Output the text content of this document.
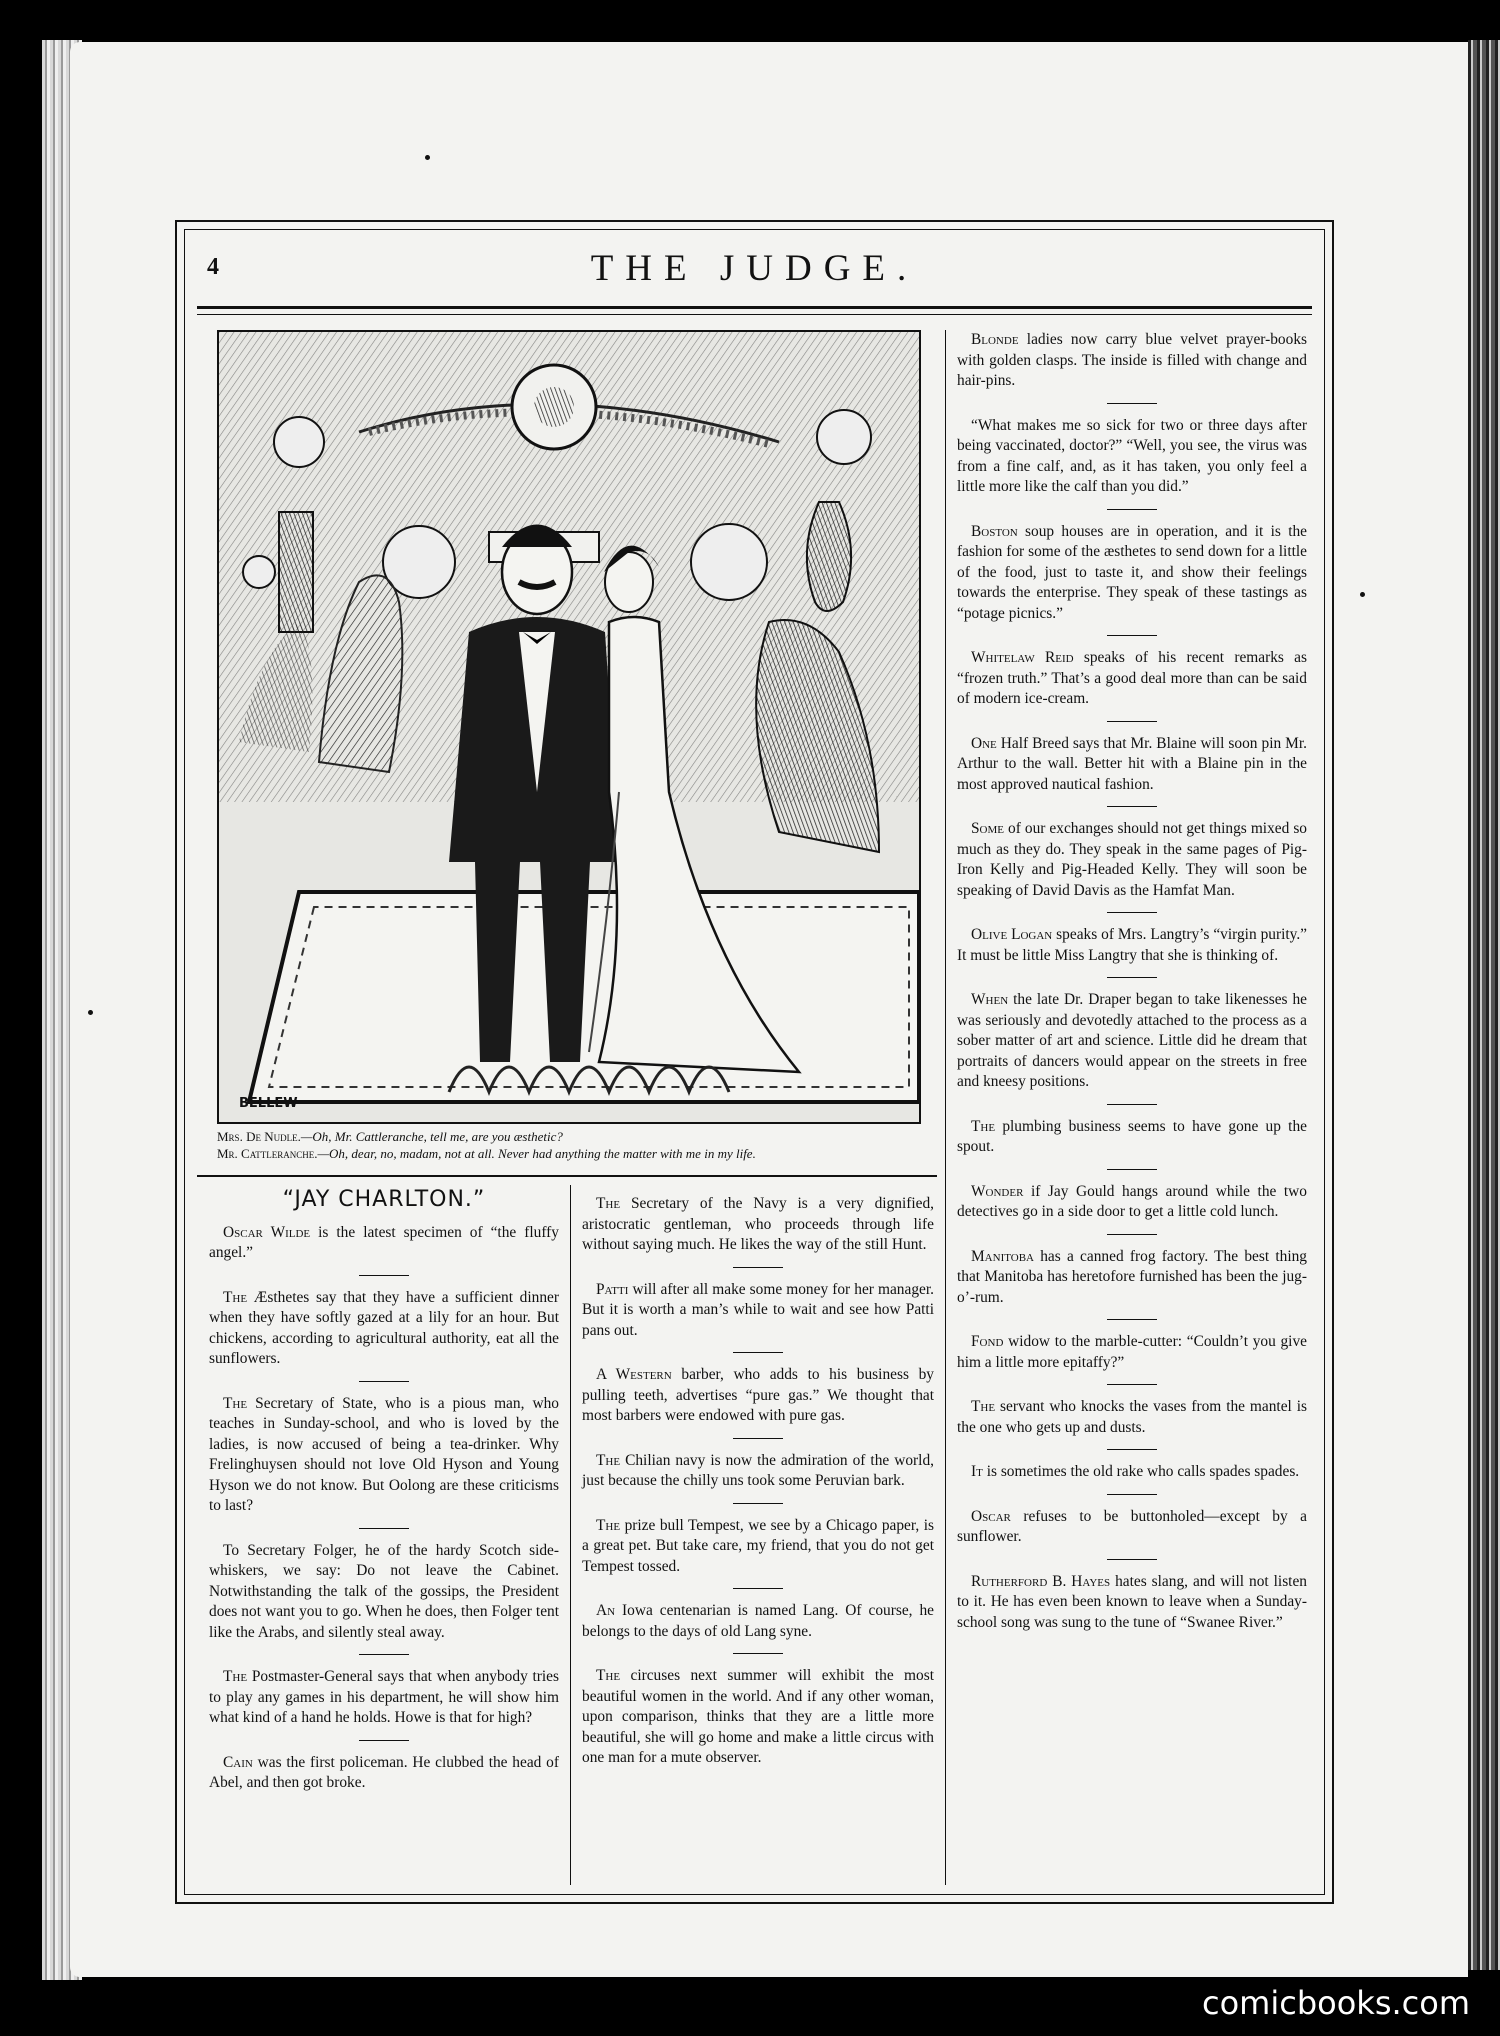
4	THE JUDGE.
BELLEW
Mrs. De Nudle.—Oh, Mr. Cattleranche, tell me, are you æsthetic?
Mr. Cattleranche.—Oh, dear, no, madam, not at all. Never had anything the matter with me in my life.
“JAY CHARLTON.”

Oscar Wilde is the latest specimen of “the fluffy angel.”

The Æsthetes say that they have a sufficient dinner when they have softly gazed at a lily for an hour. But chickens, according to agricultural authority, eat all the sunflowers.

The Secretary of State, who is a pious man, who teaches in Sunday-school, and who is loved by the ladies, is now accused of being a tea-drinker. Why Frelinghuysen should not love Old Hyson and Young Hyson we do not know. But Oolong are these criticisms to last?

To Secretary Folger, he of the hardy Scotch side-whiskers, we say: Do not leave the Cabinet. Notwithstanding the talk of the gossips, the President does not want you to go. When he does, then Folger tent like the Arabs, and silently steal away.

The Postmaster-General says that when anybody tries to play any games in his department, he will show him what kind of a hand he holds. Howe is that for high?

Cain was the first policeman. He clubbed the head of Abel, and then got broke.

The Secretary of the Navy is a very dignified, aristocratic gentleman, who proceeds through life without saying much. He likes the way of the still Hunt.

Patti will after all make some money for her manager. But it is worth a man’s while to wait and see how Patti pans out.

A Western barber, who adds to his business by pulling teeth, advertises “pure gas.” We thought that most barbers were endowed with pure gas.

The Chilian navy is now the admiration of the world, just because the chilly uns took some Peruvian bark.

The prize bull Tempest, we see by a Chicago paper, is a great pet. But take care, my friend, that you do not get Tempest tossed.

An Iowa centenarian is named Lang. Of course, he belongs to the days of old Lang syne.

The circuses next summer will exhibit the most beautiful women in the world. And if any other woman, upon comparison, thinks that they are a little more beautiful, she will go home and make a little circus with one man for a mute observer.

Blonde ladies now carry blue velvet prayer-books with golden clasps. The inside is filled with change and hair-pins.

“What makes me so sick for two or three days after being vaccinated, doctor?” “Well, you see, the virus was from a fine calf, and, as it has taken, you only feel a little more like the calf than you did.”

Boston soup houses are in operation, and it is the fashion for some of the æsthetes to send down for a little of the food, just to taste it, and show their feelings towards the enterprise. They speak of these tastings as “potage picnics.”

Whitelaw Reid speaks of his recent remarks as “frozen truth.” That’s a good deal more than can be said of modern ice-cream.

One Half Breed says that Mr. Blaine will soon pin Mr. Arthur to the wall. Better hit with a Blaine pin in the most approved nautical fashion.

Some of our exchanges should not get things mixed so much as they do. They speak in the same pages of Pig-Iron Kelly and Pig-Headed Kelly. They will soon be speaking of David Davis as the Hamfat Man.

Olive Logan speaks of Mrs. Langtry’s “virgin purity.” It must be little Miss Langtry that she is thinking of.

When the late Dr. Draper began to take likenesses he was seriously and devotedly attached to the process as a sober matter of art and science. Little did he dream that portraits of dancers would appear on the streets in free and kneesy positions.

The plumbing business seems to have gone up the spout.

Wonder if Jay Gould hangs around while the two detectives go in a side door to get a little cold lunch.

Manitoba has a canned frog factory. The best thing that Manitoba has heretofore furnished has been the jug-o’-rum.

Fond widow to the marble-cutter: “Couldn’t you give him a little more epitaffy?”

The servant who knocks the vases from the mantel is the one who gets up and dusts.

It is sometimes the old rake who calls spades spades.

Oscar refuses to be buttonholed—except by a sunflower.

Rutherford B. Hayes hates slang, and will not listen to it. He has even been known to leave when a Sunday-school song was sung to the tune of “Swanee River.”

comicbooks.com
